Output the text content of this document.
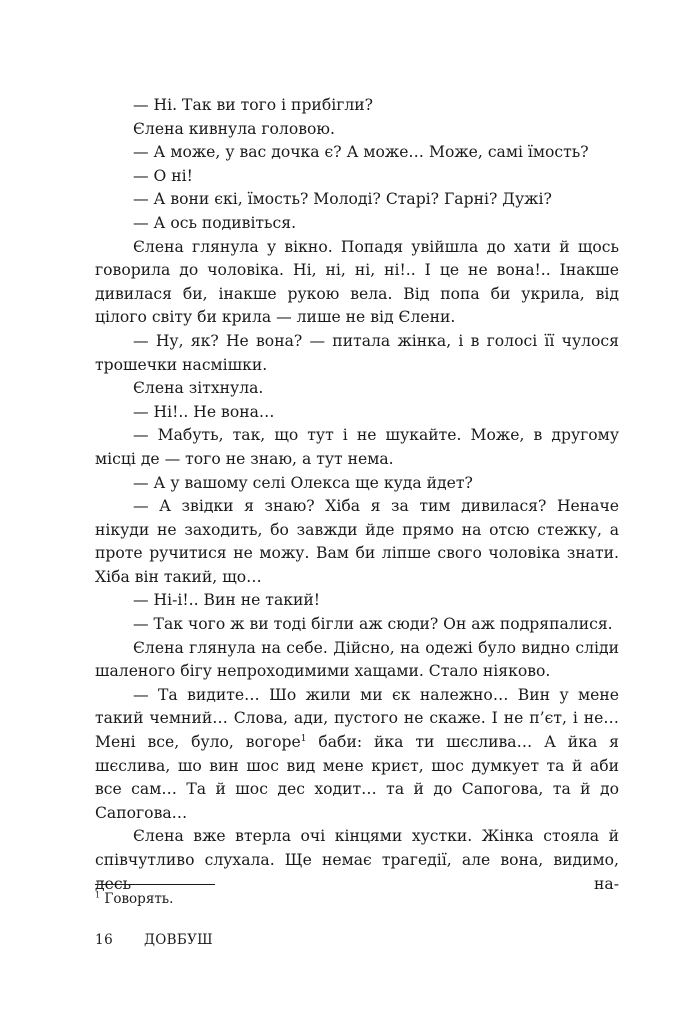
— Ні. Так ви того і прибігли?

Єлена кивнула головою.

— А може, у вас дочка є? А може… Може, самі їмость?

— О ні!

— А вони єкі, їмость? Молоді? Старі? Гарні? Дужі?

— А ось подивіться.

Єлена глянула у вікно. Попадя увійшла до хати й щось говорила до чоловіка. Ні, ні, ні, ні!.. І це не вона!.. Інакше дивилася би, інакше рукою вела. Від попа би укрила, від цілого світу би крила — лише не від Єлени.

— Ну, як? Не вона? — питала жінка, і в голосі її чулося трошечки насмішки.

Єлена зітхнула.

— Ні!.. Не вона…

— Мабуть, так, що тут і не шукайте. Може, в другому місці де — того не знаю, а тут нема.

— А у вашому селі Олекса ще куда йдет?

— А звідки я знаю? Хіба я за тим дивилася? Неначе нікуди не заходить, бо завжди йде прямо на отсю стежку, а проте ручитися не можу. Вам би ліпше свого чоловіка знати. Хіба він такий, що…

— Ні-і!.. Вин не такий!

— Так чого ж ви тоді бігли аж сюди? Он аж подряпалися.

Єлена глянула на себе. Дійсно, на одежі було видно сліди шаленого бігу непроходимими хащами. Стало ніяково.

— Та видите… Шо жили ми єк належно… Вин у мене такий чемний… Слова, ади, пустого не скаже. І не п’єт, і не… Мені все, було, вогоре$^1$ баби: йка ти шєслива… А йка я шєслива, шо вин шос вид мене криєт, шос думкует та й аби все сам… Та й шос дес ходит… та й до Сапогова, та й до Сапогова…

Єлена вже втерла очі кінцями хустки. Жінка стояла й співчутливо слухала. Ще немає трагедії, але вона, видимо, десь на-

$^1$ Говорять.
16 ДОВБУШ
